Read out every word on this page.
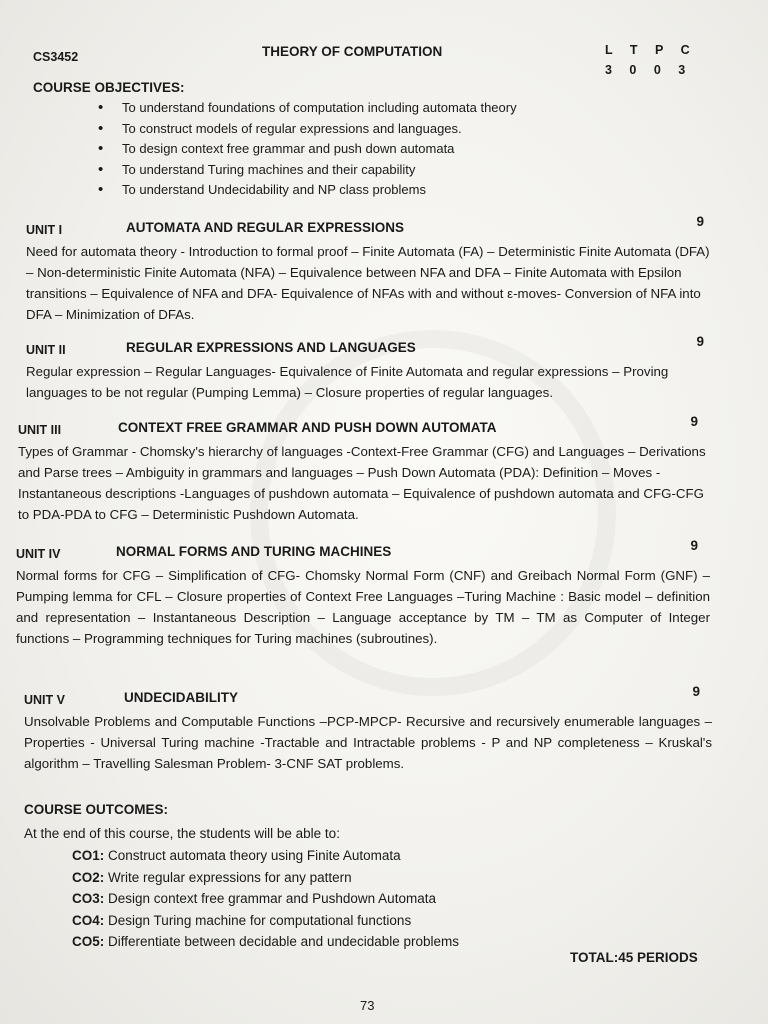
CS3452	THEORY OF COMPUTATION	L T P C
3 0 0 3
COURSE OBJECTIVES:
• To understand foundations of computation including automata theory
• To construct models of regular expressions and languages.
• To design context free grammar and push down automata
• To understand Turing machines and their capability
• To understand Undecidability and NP class problems
UNIT I	AUTOMATA AND REGULAR EXPRESSIONS	9
Need for automata theory - Introduction to formal proof – Finite Automata (FA) – Deterministic Finite Automata (DFA) – Non-deterministic Finite Automata (NFA) – Equivalence between NFA and DFA – Finite Automata with Epsilon transitions – Equivalence of NFA and DFA- Equivalence of NFAs with and without ε-moves- Conversion of NFA into DFA – Minimization of DFAs.
UNIT II	REGULAR EXPRESSIONS AND LANGUAGES	9
Regular expression – Regular Languages- Equivalence of Finite Automata and regular expressions – Proving languages to be not regular (Pumping Lemma) – Closure properties of regular languages.
UNIT III	CONTEXT FREE GRAMMAR AND PUSH DOWN AUTOMATA	9
Types of Grammar - Chomsky's hierarchy of languages -Context-Free Grammar (CFG) and Languages – Derivations and Parse trees – Ambiguity in grammars and languages – Push Down Automata (PDA): Definition – Moves - Instantaneous descriptions -Languages of pushdown automata – Equivalence of pushdown automata and CFG-CFG to PDA-PDA to CFG – Deterministic Pushdown Automata.
UNIT IV	NORMAL FORMS AND TURING MACHINES	9
Normal forms for CFG – Simplification of CFG- Chomsky Normal Form (CNF) and Greibach Normal Form (GNF) – Pumping lemma for CFL – Closure properties of Context Free Languages –Turing Machine : Basic model – definition and representation – Instantaneous Description – Language acceptance by TM – TM as Computer of Integer functions – Programming techniques for Turing machines (subroutines).
UNIT V	UNDECIDABILITY	9
Unsolvable Problems and Computable Functions –PCP-MPCP- Recursive and recursively enumerable languages – Properties - Universal Turing machine -Tractable and Intractable problems - P and NP completeness – Kruskal's algorithm – Travelling Salesman Problem- 3-CNF SAT problems.
COURSE OUTCOMES:
At the end of this course, the students will be able to:
CO1: Construct automata theory using Finite Automata
CO2: Write regular expressions for any pattern
CO3: Design context free grammar and Pushdown Automata
CO4: Design Turing machine for computational functions
CO5: Differentiate between decidable and undecidable problems
TOTAL:45 PERIODS
73
